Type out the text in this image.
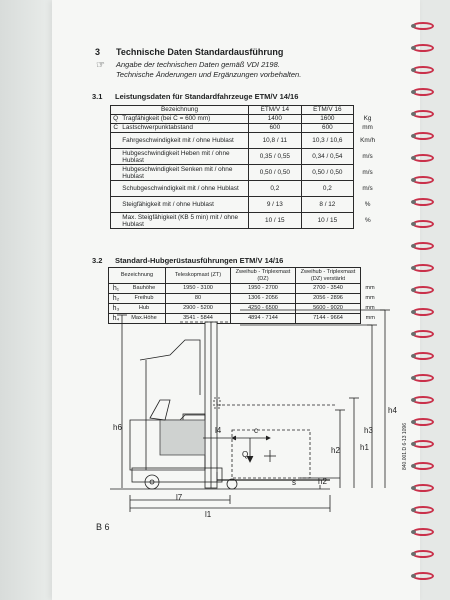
3 Technische Daten Standardausführung
☞ Angabe der technischen Daten gemäß VDI 2198.
Technische Änderungen und Ergänzungen vorbehalten.
3.1 Leistungsdaten für Standardfahrzeuge ETM/V 14/16
Bezeichnung		ETM/V 14	ETM/V 16	
Q	Tragfähigkeit (bei C = 600 mm)	1400	1600	Kg
C	Lastschwerpunktabstand	600	600	mm
	Fahrgeschwindigkeit mit / ohne Hublast	10,8 / 11	10,3 / 10,6	Km/h
	Hubgeschwindigkeit Heben mit / ohne Hublast	0,35 / 0,55	0,34 / 0,54	m/s
	Hubgeschwindigkeit Senken mit / ohne Hublast	0,50 / 0,50	0,50 / 0,50	m/s
	Schubgeschwindigkeit mit / ohne Hublast	0,2	0,2	m/s
	Steigfähigkeit mit / ohne Hublast	9 / 13	8 / 12	%
	Max. Steigfähigkeit (KB 5 min) mit / ohne Hublast	10 / 15	10 / 15	%
3.2 Standard-Hubgerüstausführungen ETM/V 14/16
Bezeichnung		Teleskopmast (ZT)	Zweihub - Triplexmast (DZ)	Zweihub - Triplexmast (DZ) verstärkt	
h₁	Bauhöhe	1950 - 3100	1950 - 2700	2700 - 3540	mm
h₂	Freihub	80	1306 - 2056	2056 - 2896	mm
h₃	Hub	2900 - 5200	4250 - 6500	5600 - 9020	mm
h₄	Max.Höhe	3541 - 5844	4894 - 7144	7144 - 9664	mm
h6
h1
h2
h3
h4
l7
l1
l4	c
Q
s	h2
B 6
840.001.D 6-13 1096
